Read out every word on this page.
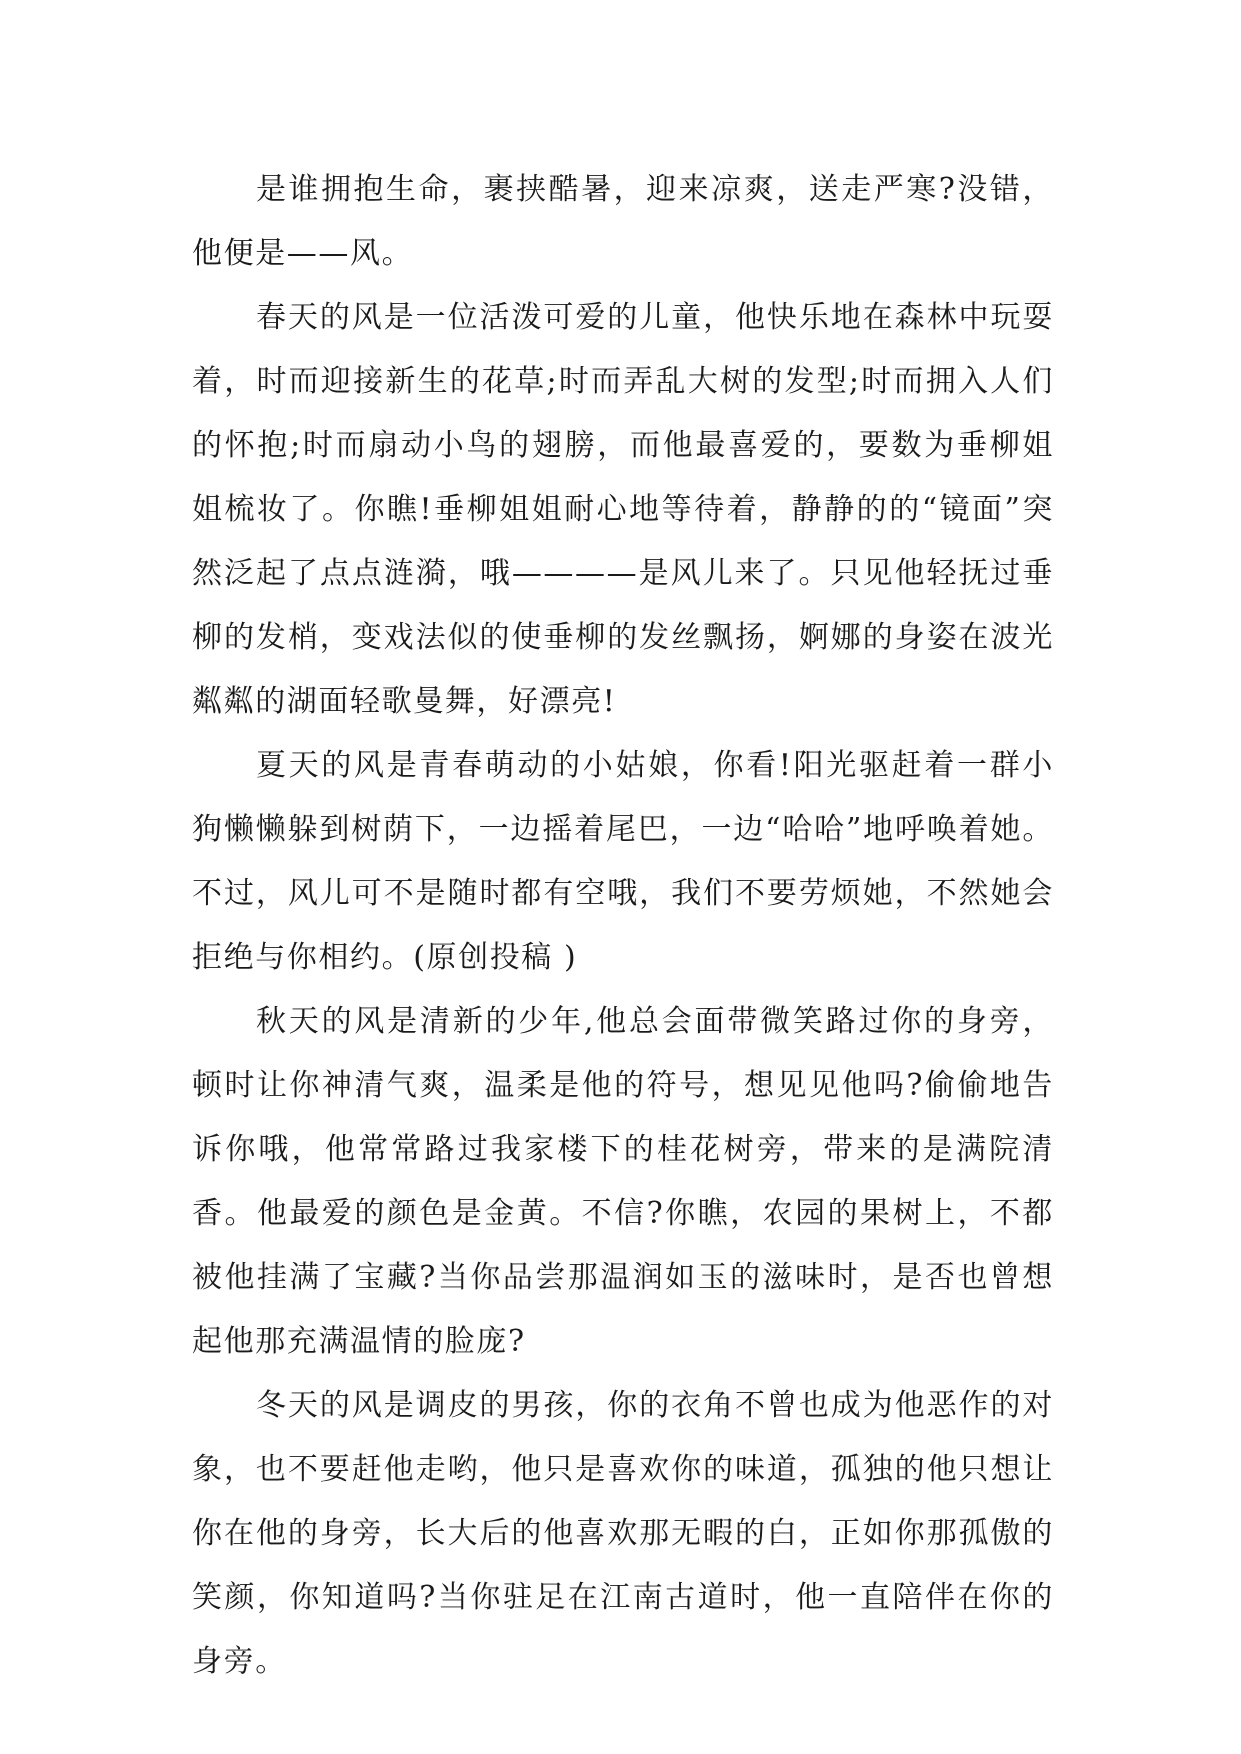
是谁拥抱生命，裹挟酷暑，迎来凉爽，送走严寒?没错，他便是——风。

春天的风是一位活泼可爱的儿童，他快乐地在森林中玩耍着，时而迎接新生的花草;时而弄乱大树的发型;时而拥入人们的怀抱;时而扇动小鸟的翅膀，而他最喜爱的，要数为垂柳姐姐梳妆了。你瞧!垂柳姐姐耐心地等待着，静静的的“镜面”突然泛起了点点涟漪，哦————是风儿来了。只见他轻抚过垂柳的发梢，变戏法似的使垂柳的发丝飘扬，婀娜的身姿在波光粼粼的湖面轻歌曼舞，好漂亮!

夏天的风是青春萌动的小姑娘，你看!阳光驱赶着一群小狗懒懒躲到树荫下，一边摇着尾巴，一边“哈哈”地呼唤着她。不过，风儿可不是随时都有空哦，我们不要劳烦她，不然她会拒绝与你相约。(原创投稿 )

秋天的风是清新的少年,他总会面带微笑路过你的身旁，顿时让你神清气爽，温柔是他的符号，想见见他吗?偷偷地告诉你哦，他常常路过我家楼下的桂花树旁，带来的是满院清香。他最爱的颜色是金黄。不信?你瞧，农园的果树上，不都被他挂满了宝藏?当你品尝那温润如玉的滋味时，是否也曾想起他那充满温情的脸庞?

冬天的风是调皮的男孩，你的衣角不曾也成为他恶作的对象，也不要赶他走哟，他只是喜欢你的味道，孤独的他只想让你在他的身旁，长大后的他喜欢那无暇的白，正如你那孤傲的笑颜，你知道吗?当你驻足在江南古道时，他一直陪伴在你的身旁。
